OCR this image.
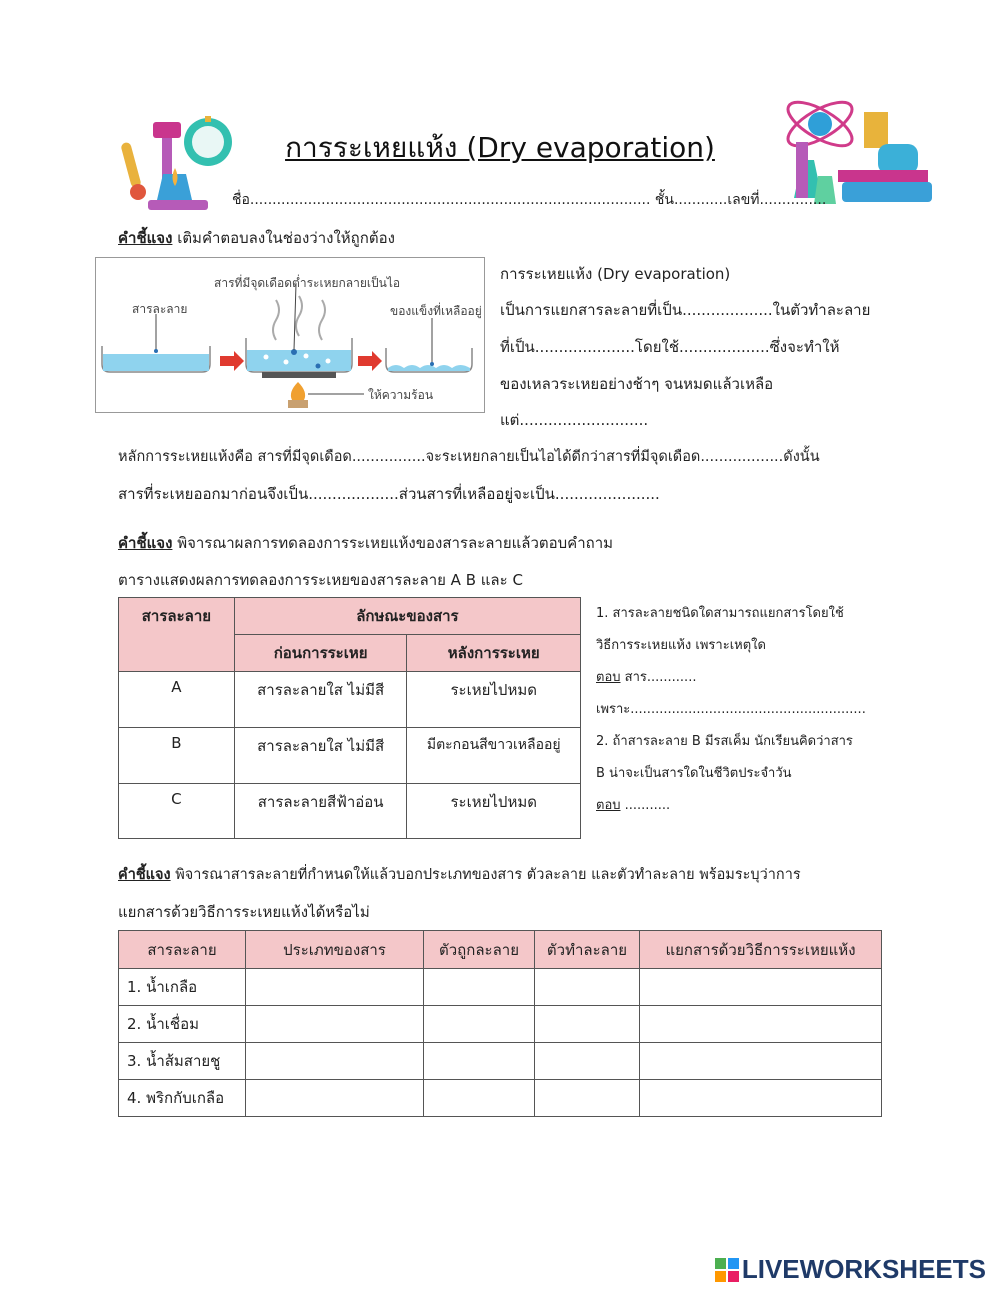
การระเหยแห้ง (Dry evaporation)
ชื่อ.......................................................................................... ชั้น............เลขที่...............
คำชี้แจง เติมคำตอบลงในช่องว่างให้ถูกต้อง
สารละลาย
สารที่มีจุดเดือดต่ำระเหยกลายเป็นไอ
ของแข็งที่เหลืออยู่
ให้ความร้อน
การระเหยแห้ง (Dry evaporation)
เป็นการแยกสารละลายที่เป็น...................ในตัวทำละลาย
ที่เป็น.....................โดยใช้...................ซึ่งจะทำให้
ของเหลวระเหยอย่างช้าๆ จนหมดแล้วเหลือ
แต่...........................
หลักการระเหยแห้งคือ สารที่มีจุดเดือด................จะระเหยกลายเป็นไอได้ดีกว่าสารที่มีจุดเดือด..................ดังนั้น
สารที่ระเหยออกมาก่อนจึงเป็น...................ส่วนสารที่เหลืออยู่จะเป็น......................
คำชี้แจง พิจารณาผลการทดลองการระเหยแห้งของสารละลายแล้วตอบคำถาม
ตารางแสดงผลการทดลองการระเหยของสารละลาย A B และ C
สารละลาย	ลักษณะของสาร	
	ก่อนการระเหย	หลังการระเหย
A	สารละลายใส ไม่มีสี	ระเหยไปหมด
B	สารละลายใส ไม่มีสี	มีตะกอนสีขาวเหลืออยู่
C	สารละลายสีฟ้าอ่อน	ระเหยไปหมด
1. สารละลายชนิดใดสามารถแยกสารโดยใช้
วิธีการระเหยแห้ง เพราะเหตุใด
ตอบ สาร............
เพราะ.........................................................
2. ถ้าสารละลาย B มีรสเค็ม นักเรียนคิดว่าสาร
B น่าจะเป็นสารใดในชีวิตประจำวัน
ตอบ ...........
คำชี้แจง พิจารณาสารละลายที่กำหนดให้แล้วบอกประเภทของสาร ตัวละลาย และตัวทำละลาย พร้อมระบุว่าการ
แยกสารด้วยวิธีการระเหยแห้งได้หรือไม่
สารละลาย	ประเภทของสาร	ตัวถูกละลาย	ตัวทำละลาย	แยกสารด้วยวิธีการระเหยแห้ง
1. น้ำเกลือ				
2. น้ำเชื่อม				
3. น้ำส้มสายชู				
4. พริกกับเกลือ				
LIVEWORKSHEETS
